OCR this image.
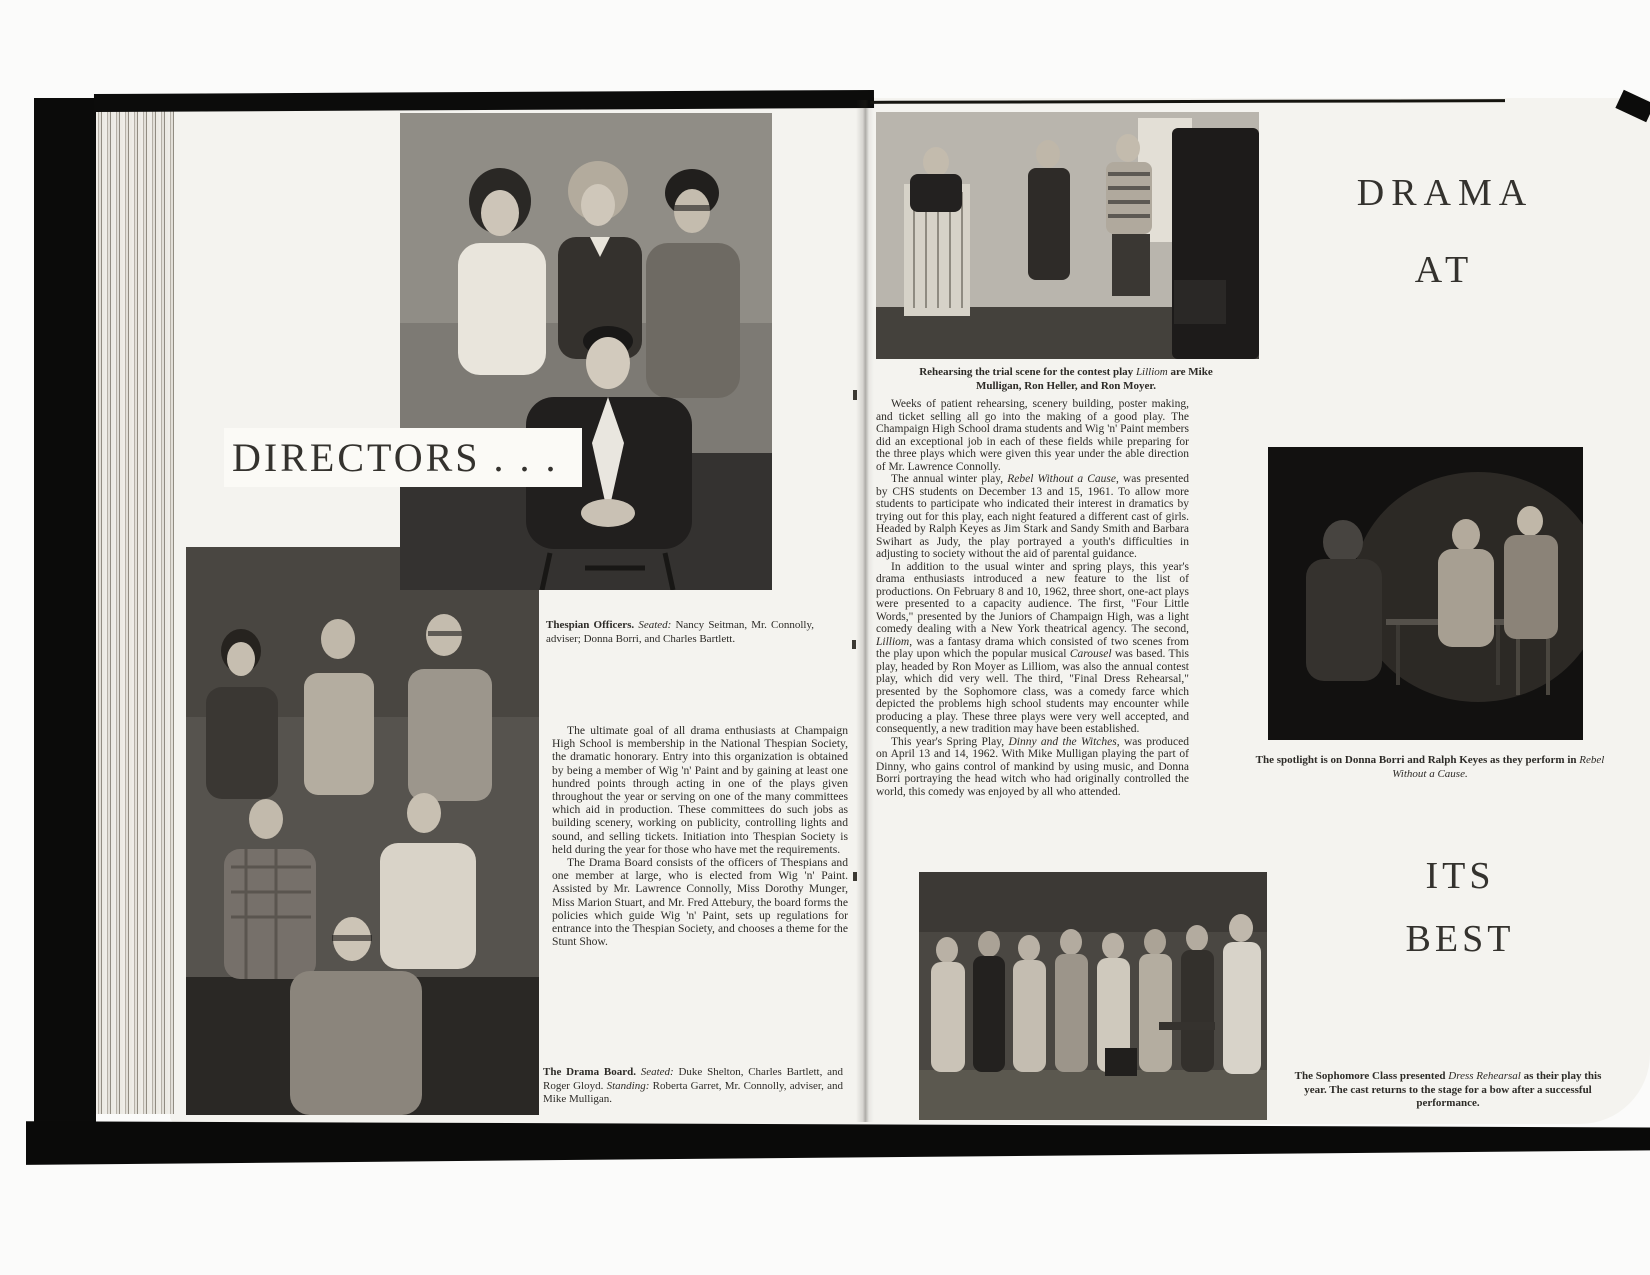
DIRECTORS . . .
Thespian Officers. Seated: Nancy Seitman, Mr. Connolly, adviser; Donna Borri, and Charles Bartlett.

The ultimate goal of all drama enthusiasts at Champaign High School is membership in the National Thespian Society, the dramatic honorary. Entry into this organization is obtained by being a member of Wig 'n' Paint and by gaining at least one hundred points through acting in one of the plays given throughout the year or serving on one of the many committees which aid in production. These committees do such jobs as building scenery, working on publicity, controlling lights and sound, and selling tickets. Initiation into Thespian Society is held during the year for those who have met the requirements.

The Drama Board consists of the officers of Thespians and one member at large, who is elected from Wig 'n' Paint. Assisted by Mr. Lawrence Connolly, Miss Dorothy Munger, Miss Marion Stuart, and Mr. Fred Attebury, the board forms the policies which guide Wig 'n' Paint, sets up regulations for entrance into the Thespian Society, and chooses a theme for the Stunt Show.

The Drama Board. Seated: Duke Shelton, Charles Bartlett, and Roger Gloyd. Standing: Roberta Garret, Mr. Connolly, adviser, and Mike Mulligan.
Rehearsing the trial scene for the contest play Lilliom are Mike Mulligan, Ron Heller, and Ron Moyer.
DRAMA
AT

Weeks of patient rehearsing, scenery building, poster making, and ticket selling all go into the making of a good play. The Champaign High School drama students and Wig 'n' Paint members did an exceptional job in each of these fields while preparing for the three plays which were given this year under the able direction of Mr. Lawrence Connolly.

The annual winter play, Rebel Without a Cause, was presented by CHS students on December 13 and 15, 1961. To allow more students to participate who indicated their interest in dramatics by trying out for this play, each night featured a different cast of girls. Headed by Ralph Keyes as Jim Stark and Sandy Smith and Barbara Swihart as Judy, the play portrayed a youth's difficulties in adjusting to society without the aid of parental guidance.

In addition to the usual winter and spring plays, this year's drama enthusiasts introduced a new feature to the list of productions. On February 8 and 10, 1962, three short, one-act plays were presented to a capacity audience. The first, "Four Little Words," presented by the Juniors of Champaign High, was a light comedy dealing with a New York theatrical agency. The second, Lilliom, was a fantasy drama which consisted of two scenes from the play upon which the popular musical Carousel was based. This play, headed by Ron Moyer as Lilliom, was also the annual contest play, which did very well. The third, "Final Dress Rehearsal," presented by the Sophomore class, was a comedy farce which depicted the problems high school students may encounter while producing a play. These three plays were very well accepted, and consequently, a new tradition may have been established.

This year's Spring Play, Dinny and the Witches, was produced on April 13 and 14, 1962. With Mike Mulligan playing the part of Dinny, who gains control of mankind by using music, and Donna Borri portraying the head witch who had originally controlled the world, this comedy was enjoyed by all who attended.

The spotlight is on Donna Borri and Ralph Keyes as they perform in Rebel Without a Cause.
ITS
BEST
The Sophomore Class presented Dress Rehearsal as their play this year. The cast returns to the stage for a bow after a successful performance.
